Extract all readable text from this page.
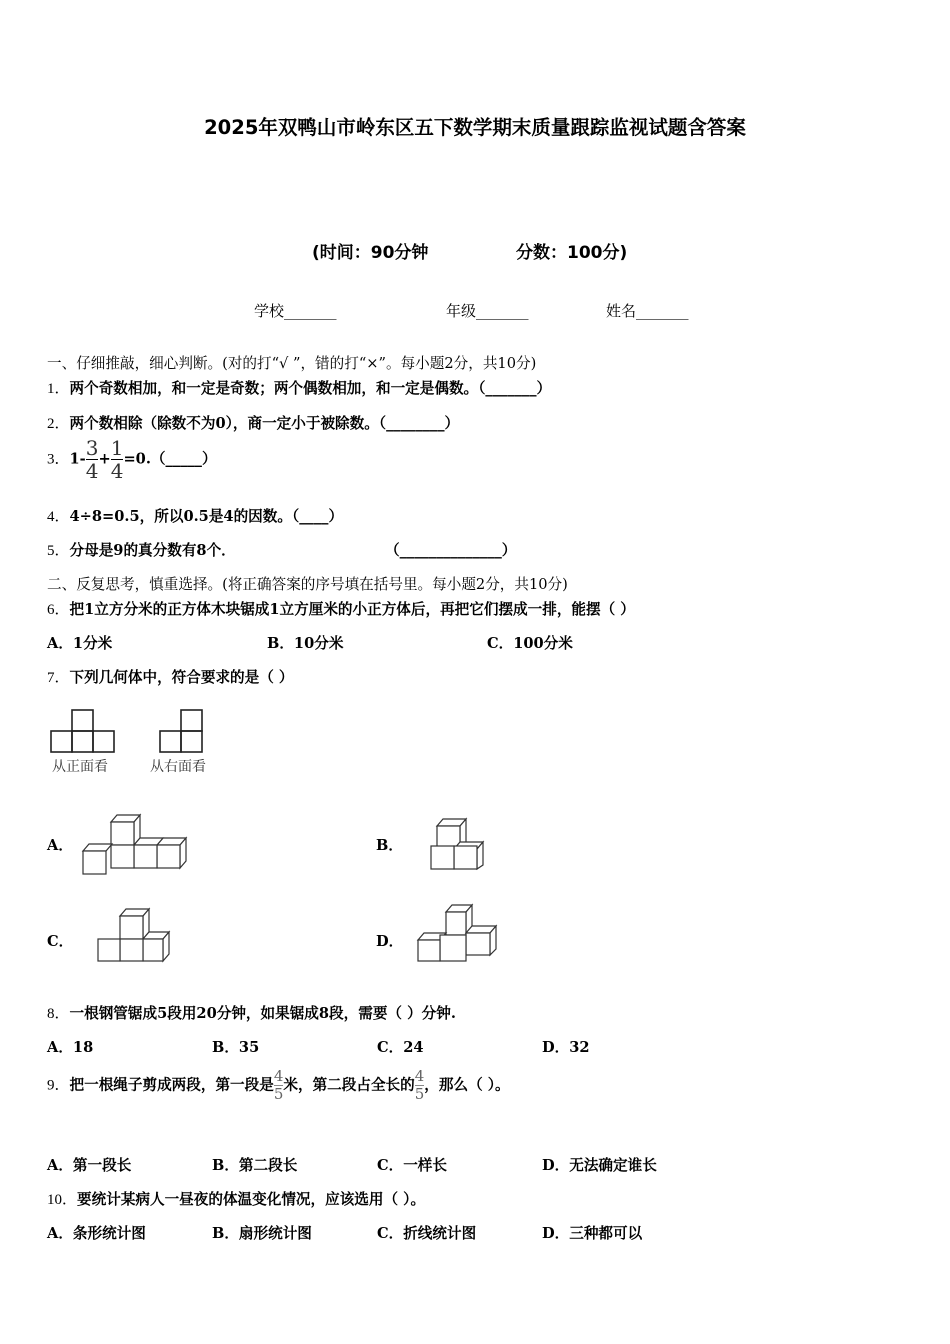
2025年双鸭山市岭东区五下数学期末质量跟踪监视试题含答案
(时间：90分钟	分数：100分)
学校_______	年级_______	姓名_______
一、仔细推敲，细心判断。(对的打“√ ”，错的打“×”。每小题2分，共10分)
1．两个奇数相加，和一定是奇数；两个偶数相加，和一定是偶数。（_______）
2．两个数相除（除数不为0），商一定小于被除数。（________）
3．$1- \frac{3}{4} + \frac{1}{4}$ =0.（_____）
4．4÷8=0.5，所以0.5是4的因数。（____）
5．分母是9的真分数有8个．	（______________）
二、反复思考，慎重选择。(将正确答案的序号填在括号里。每小题2分，共10分)
6．把1立方分米的正方体木块锯成1立方厘米的小正方体后，再把它们摆成一排，能摆（ ）
A．1分米	B．10分米	C．100分米
7．下列几何体中，符合要求的是（ ）
从正面看	从右面看
A．	B．
C．	D．
8．一根钢管锯成5段用20分钟，如果锯成8段，需要（ ）分钟.
A．18	B．35	C．24	D．32
9．把一根绳子剪成两段，第一段是 $\frac{4}{5}$ 米，第二段占全长的 $\frac{4}{5}$ ，那么（ ）。
A．第一段长	B．第二段长	C．一样长	D．无法确定谁长
10．要统计某病人一昼夜的体温变化情况，应该选用（ ）。
A．条形统计图	B．扇形统计图	C．折线统计图	D．三种都可以
